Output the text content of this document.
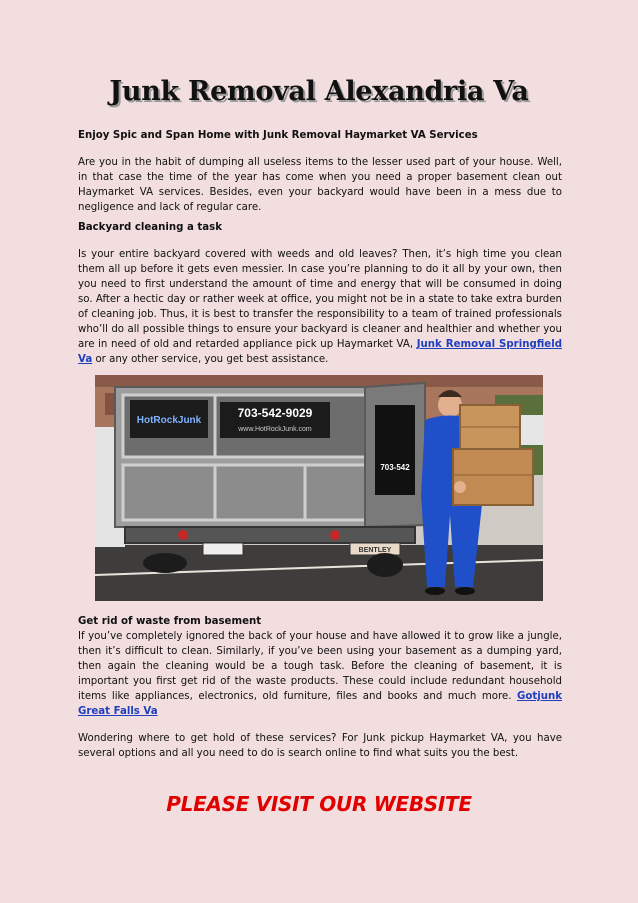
Junk Removal Alexandria Va

Enjoy Spic and Span Home with Junk Removal Haymarket VA Services

Are you in the habit of dumping all useless items to the lesser used part of your house. Well, in that case the time of the year has come when you need a proper basement clean out Haymarket VA services. Besides, even your backyard would have been in a mess due to negligence and lack of regular care.

Backyard cleaning a task

Is your entire backyard covered with weeds and old leaves? Then, it’s high time you clean them all up before it gets even messier. In case you’re planning to do it all by your own, then you need to first understand the amount of time and energy that will be consumed in doing so. After a hectic day or rather week at office, you might not be in a state to take extra burden of cleaning job. Thus, it is best to transfer the responsibility to a team of trained professionals who’ll do all possible things to ensure your backyard is cleaner and healthier and whether you are in need of old and retarded appliance pick up Haymarket VA, Junk Removal Springfield Va or any other service, you get best assistance.

HotRockJunk
703-542-9029
www.HotRockJunk.com
703-542
BENTLEY

Get rid of waste from basement

If you’ve completely ignored the back of your house and have allowed it to grow like a jungle, then it’s difficult to clean. Similarly, if you’ve been using your basement as a dumping yard, then again the cleaning would be a tough task. Before the cleaning of basement, it is important you first get rid of the waste products. These could include redundant household items like appliances, electronics, old furniture, files and books and much more. Gotjunk Great Falls Va

Wondering where to get hold of these services? For Junk pickup Haymarket VA, you have several options and all you need to do is search online to find what suits you the best.

PLEASE VISIT OUR WEBSITE
